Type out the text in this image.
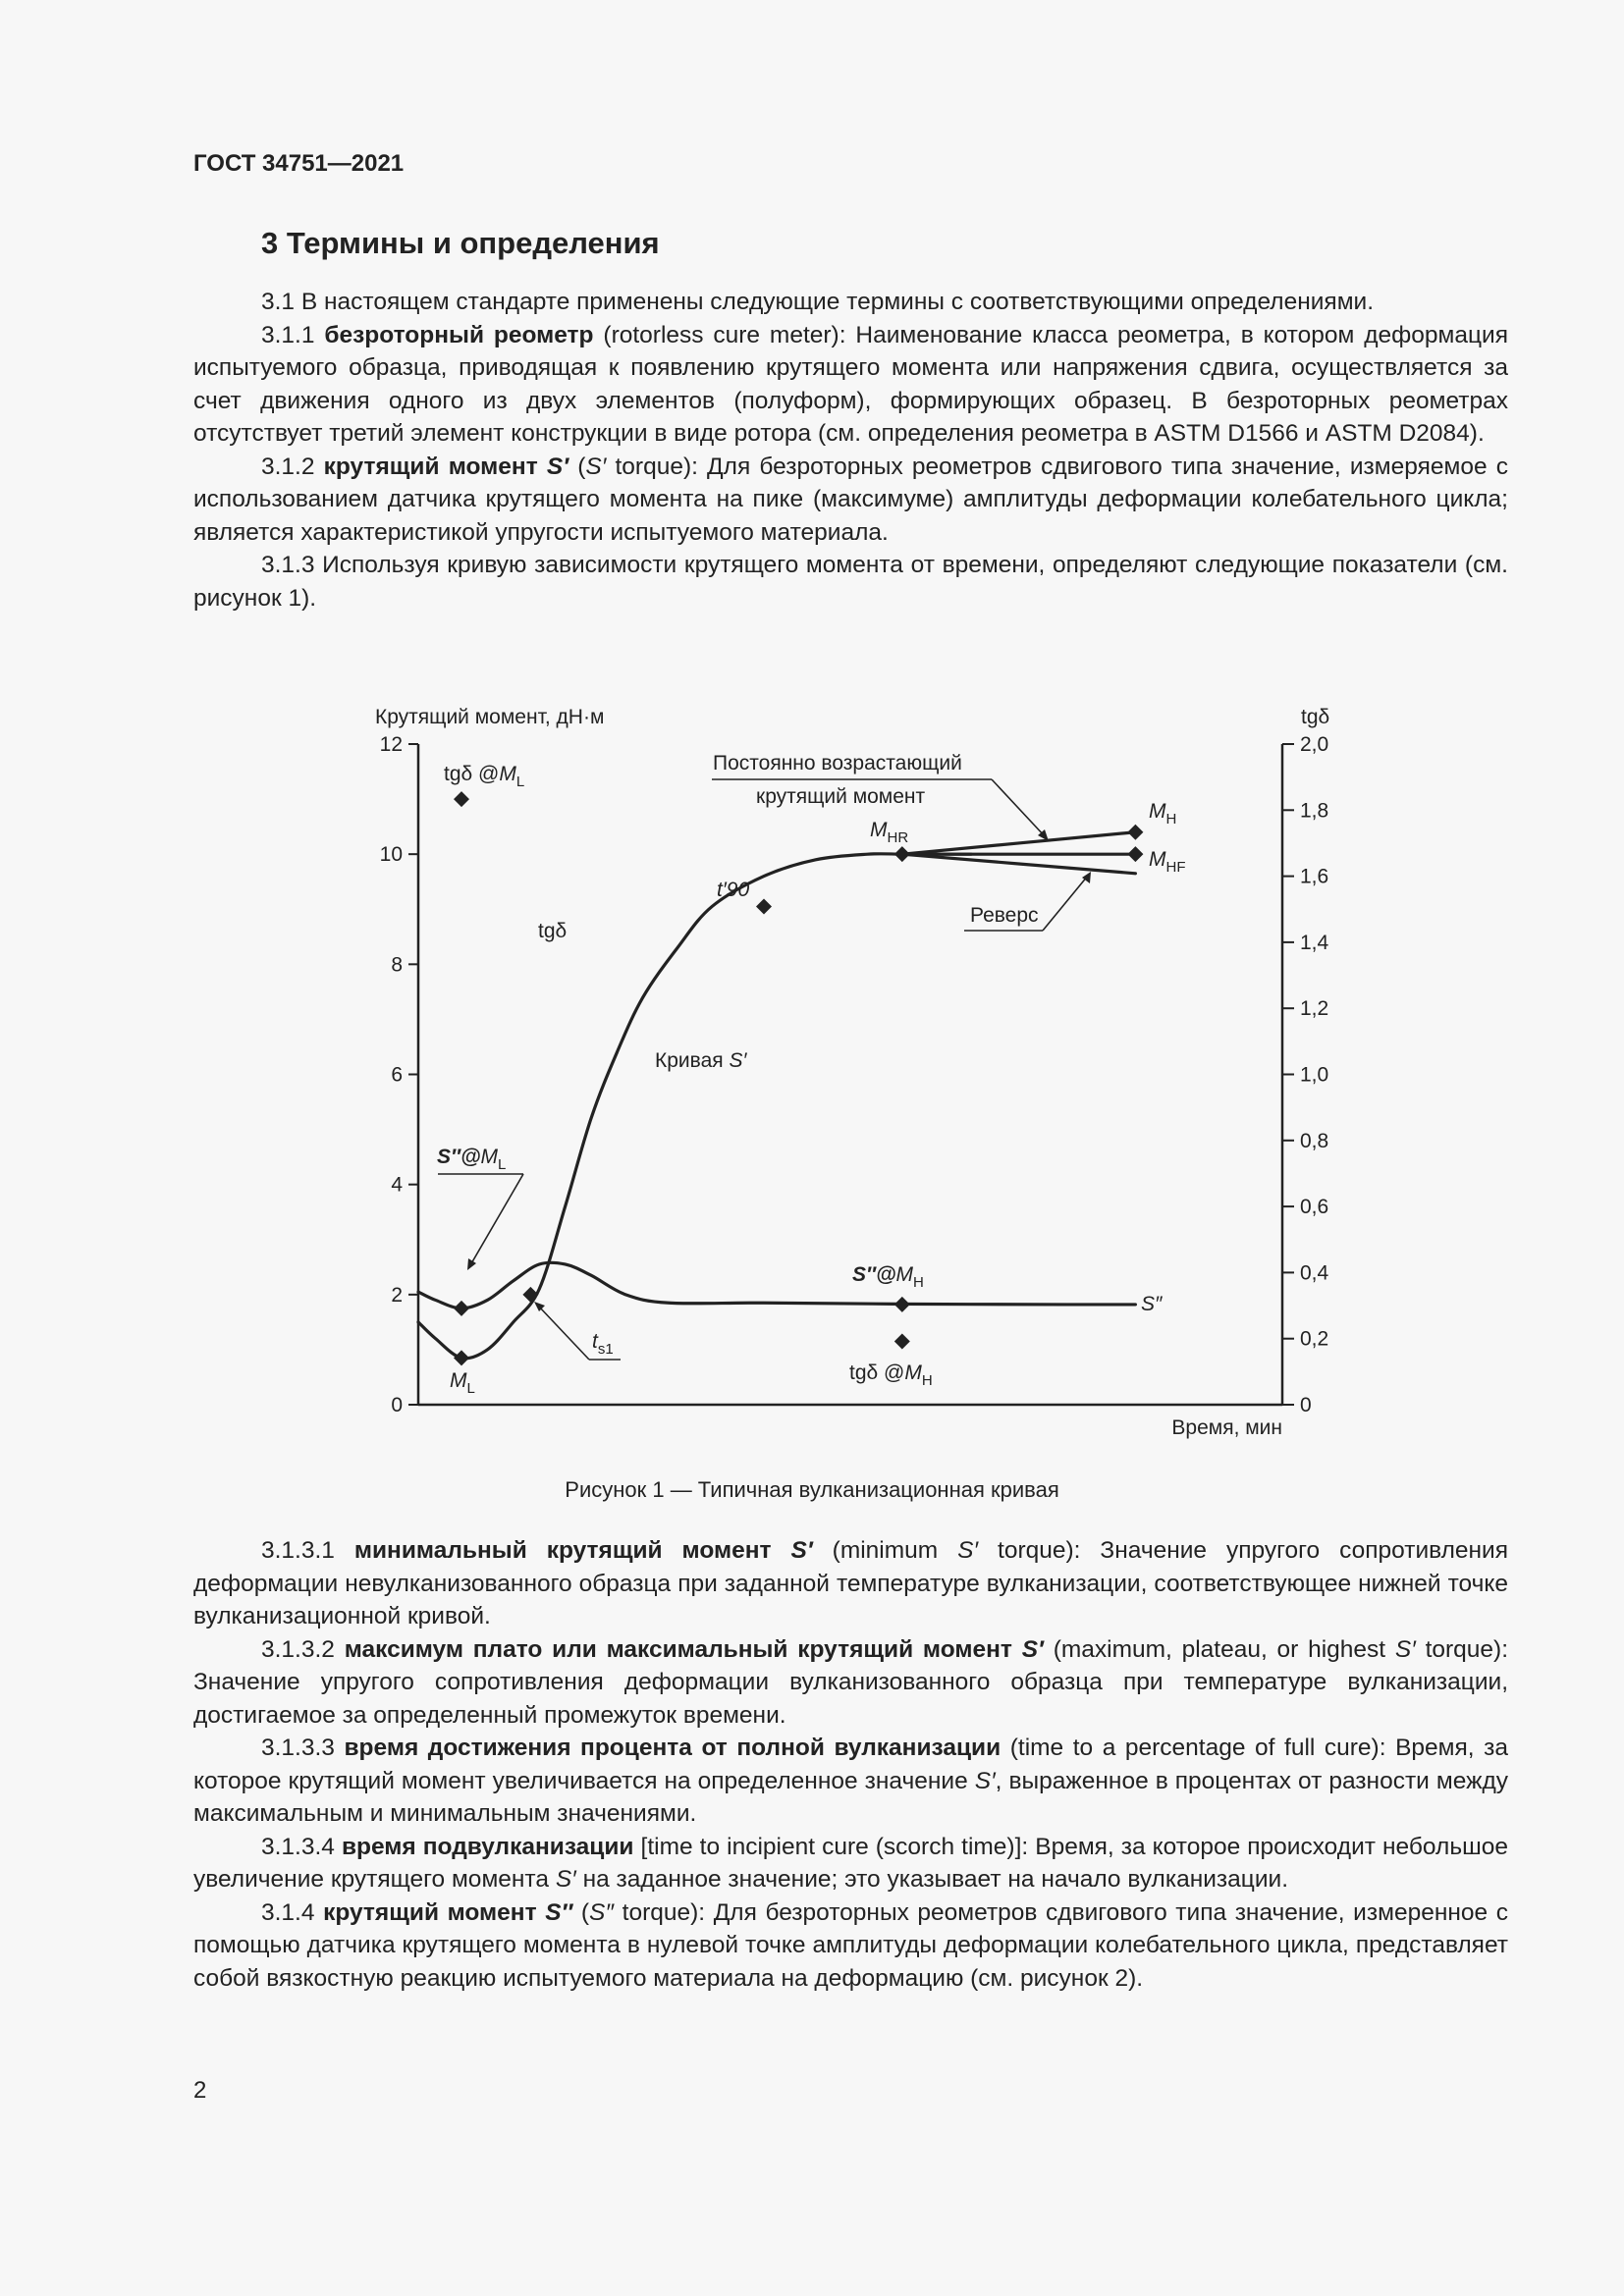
ГОСТ 34751—2021
3 Термины и определения

3.1 В настоящем стандарте применены следующие термины с соответствующими определениями.

3.1.1 безроторный реометр (rotorless cure meter): Наименование класса реометра, в котором деформация испытуемого образца, приводящая к появлению крутящего момента или напряжения сдвига, осуществляется за счет движения одного из двух элементов (полуформ), формирующих образец. В безроторных реометрах отсутствует третий элемент конструкции в виде ротора (см. определения реометра в ASTM D1566 и ASTM D2084).

3.1.2 крутящий момент S′ (S′ torque): Для безроторных реометров сдвигового типа значение, измеряемое с использованием датчика крутящего момента на пике (максимуме) амплитуды деформации колебательного цикла; является характеристикой упругости испытуемого материала.

3.1.3 Используя кривую зависимости крутящего момента от времени, определяют следующие показатели (см. рисунок 1).

0
2
4
6
8
10
12
0
0,2
0,4
0,6
0,8
1,0
1,2
1,4
1,6
1,8
2,0
Крутящий момент, дН·м	tgδ
Время, мин
tgδ $@M_L$
tgδ
Кривая S′
Постоянно возрастающий
крутящий момент
Реверс
$M_H$
$M_{HF}$
$M_{HR}$
t′90
$S''@M_L$
$M_L$
$t_{s1}$
$S''@M_H$
S″
tgδ $@M_H$
Рисунок 1 — Типичная вулканизационная кривая

3.1.3.1 минимальный крутящий момент S′ (minimum S′ torque): Значение упругого сопротивления деформации невулканизованного образца при заданной температуре вулканизации, соответствующее нижней точке вулканизационной кривой.

3.1.3.2 максимум плато или максимальный крутящий момент S′ (maximum, plateau, or highest S′ torque): Значение упругого сопротивления деформации вулканизованного образца при температуре вулканизации, достигаемое за определенный промежуток времени.

3.1.3.3 время достижения процента от полной вулканизации (time to a percentage of full cure): Время, за которое крутящий момент увеличивается на определенное значение S′, выраженное в процентах от разности между максимальным и минимальным значениями.

3.1.3.4 время подвулканизации [time to incipient cure (scorch time)]: Время, за которое происходит небольшое увеличение крутящего момента S′ на заданное значение; это указывает на начало вулканизации.

3.1.4 крутящий момент S″ (S″ torque): Для безроторных реометров сдвигового типа значение, измеренное с помощью датчика крутящего момента в нулевой точке амплитуды деформации колебательного цикла, представляет собой вязкостную реакцию испытуемого материала на деформацию (см. рисунок 2).

2
